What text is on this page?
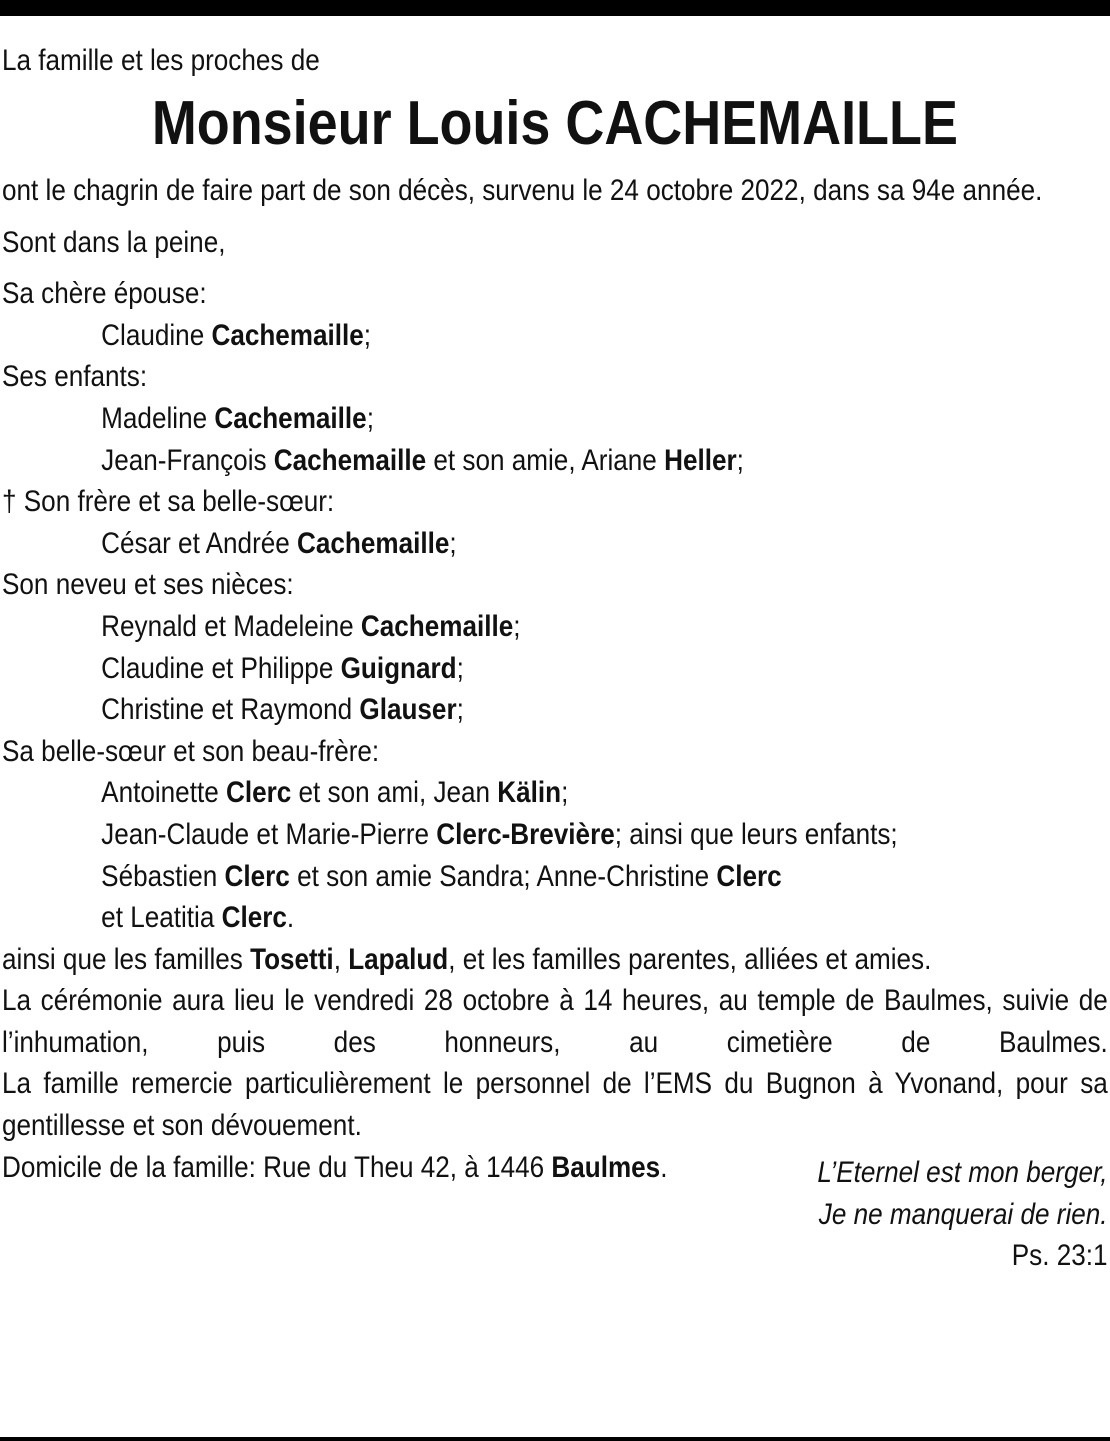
La famille et les proches de
Monsieur Louis CACHEMAILLE
ont le chagrin de faire part de son décès, survenu le 24 octobre 2022, dans sa 94e année.
Sont dans la peine,
Sa chère épouse:
Claudine Cachemaille;
Ses enfants:
Madeline Cachemaille;
Jean-François Cachemaille et son amie, Ariane Heller;
† Son frère et sa belle-sœur:
César et Andrée Cachemaille;
Son neveu et ses nièces:
Reynald et Madeleine Cachemaille;
Claudine et Philippe Guignard;
Christine et Raymond Glauser;
Sa belle-sœur et son beau-frère:
Antoinette Clerc et son ami, Jean Kälin;
Jean-Claude et Marie-Pierre Clerc-Brevière; ainsi que leurs enfants;
Sébastien Clerc et son amie Sandra; Anne-Christine Clerc
et Leatitia Clerc.
ainsi que les familles Tosetti, Lapalud, et les familles parentes, alliées et amies.
La cérémonie aura lieu le vendredi 28 octobre à 14 heures, au temple de Baulmes, suivie de l’inhumation, puis des honneurs, au cimetière de Baulmes.
La famille remercie particulièrement le personnel de l’EMS du Bugnon à Yvonand, pour sa gentillesse et son dévouement.
Domicile de la famille: Rue du Theu 42, à 1446 Baulmes.	L’Eternel est mon berger,
Je ne manquerai de rien.
Ps. 23:1
